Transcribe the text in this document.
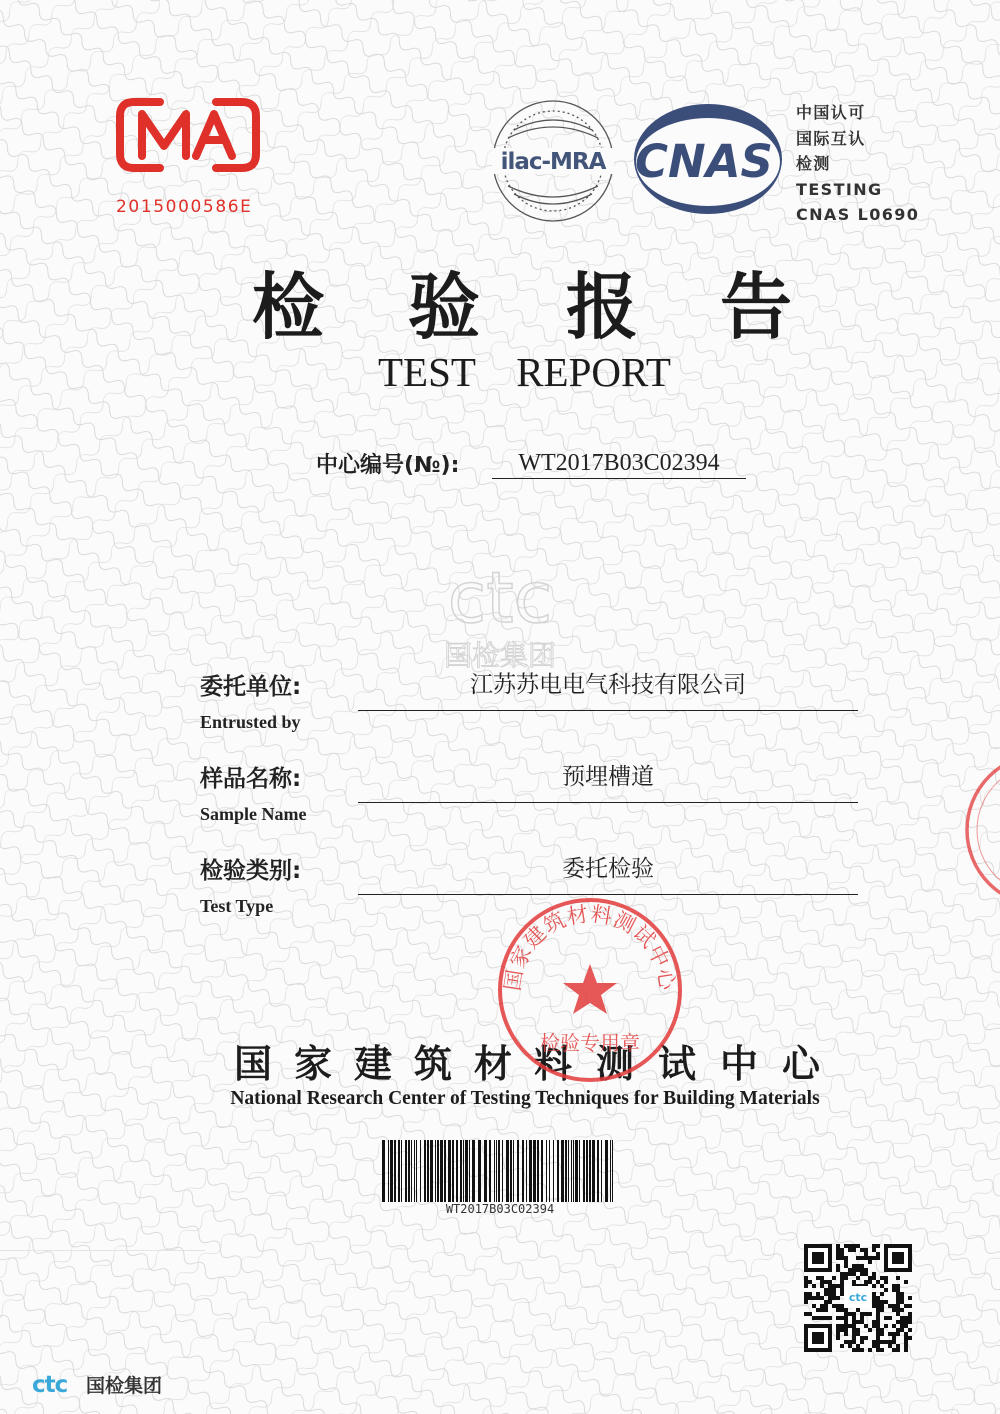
2015000586E
ilac-MRA CNAS
中国认可
国际互认
检测
TESTING
CNAS L0690
检 验 报 告
TEST    REPORT
中心编号(№):	WT2017B03C02394
ctc
国检集团
委托单位:	江苏苏电电气科技有限公司
Entrusted by
样品名称:	预埋槽道
Sample Name
检验类别:	委托检验
Test Type
国 家 建 筑 材 料 测 试 中 心
National Research Center of Testing Techniques for Building Materials
国家建筑材料测试中心
检验专用章
WT2017B03C02394
ctc
ctc 国检集团
